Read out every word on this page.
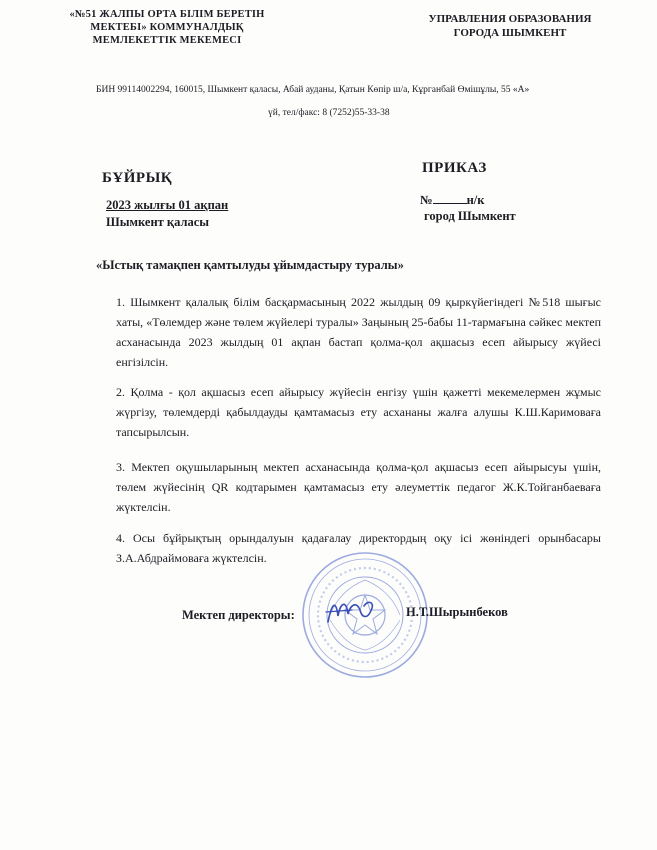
«№51 ЖАЛПЫ ОРТА БІЛІМ БЕРЕТІН
МЕКТЕБІ» КОММУНАЛДЫҚ
МЕМЛЕКЕТТІК МЕКЕМЕСІ
УПРАВЛЕНИЯ ОБРАЗОВАНИЯ
ГОРОДА ШЫМКЕНТ
БИН 99114002294, 160015, Шымкент қаласы, Абай ауданы, Қатын Көпір ш/а, Кұрганбай Өмішұлы, 55 «А»
үй, тел/факс: 8 (7252)55-33-38
БҰЙРЫҚ
ПРИКАЗ
2023 жылғы 01 ақпан
Шымкент қаласы
№	н/к
город Шымкент
«Ыстық тамақпен қамтылуды ұйымдастыру туралы»
1. Шымкент қалалық білім басқармасының 2022 жылдың 09 қыркүйегіндегі №518 шығыс хаты, «Төлемдер және төлем жүйелері туралы» Заңының 25-бабы 11-тармағына сәйкес мектеп асханасында 2023 жылдың 01 ақпан бастап қолма-қол ақшасыз есеп айырысу жүйесі енгізілсін.
2. Қолма - қол ақшасыз есеп айырысу жүйесін енгізу үшін қажетті мекемелермен жұмыс жүргізу, төлемдерді қабылдауды қамтамасыз ету асхананы жалға алушы К.Ш.Каримоваға тапсырылсын.
3. Мектеп оқушыларының мектеп асханасында қолма-қол ақшасыз есеп айырысуы үшін, төлем жүйесінің QR кодтарымен қамтамасыз ету әлеуметтік педагог Ж.К.Тойганбаеваға жүктелсін.
4. Осы бұйрықтың орындалуын қадағалау директордың оқу ісі жөніндегі орынбасары З.А.Абдраймоваға жүктелсін.
Мектеп директоры:	Н.Т.Шырынбеков
